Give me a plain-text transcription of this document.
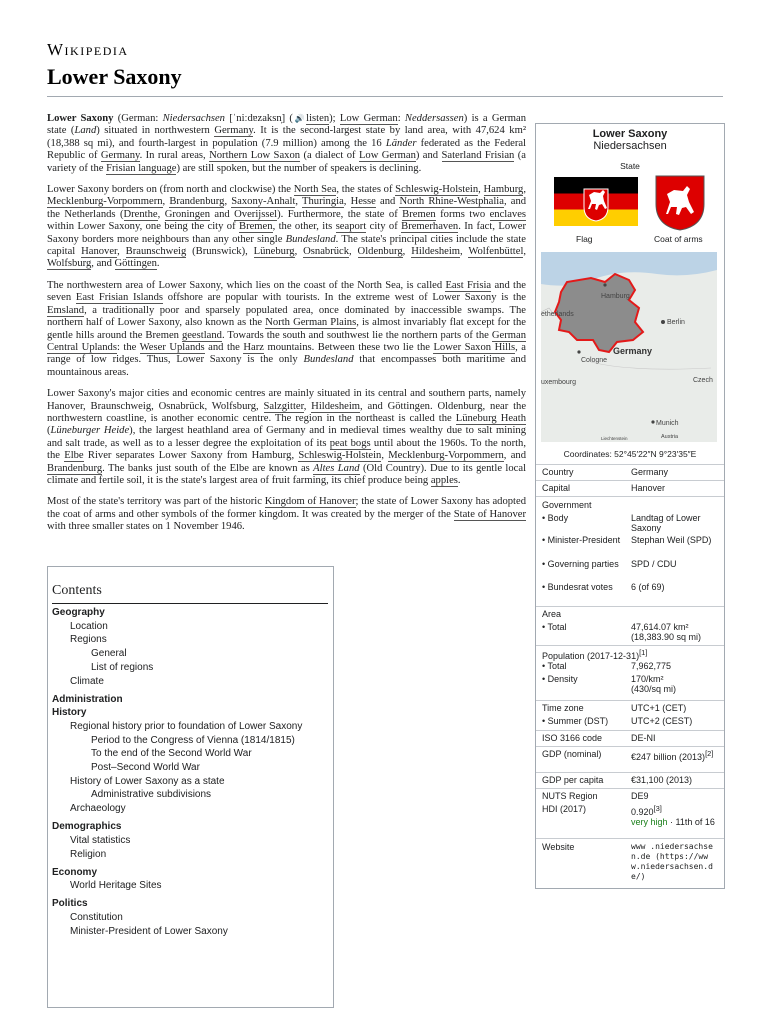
Wikipedia
Lower Saxony

Lower Saxony (German: Niedersachsen [ˈniːdɐzaksn̩] (🔊listen); Low German: Neddersassen) is a German state (Land) situated in northwestern Germany. It is the second-largest state by land area, with 47,624 km² (18,388 sq mi), and fourth-largest in population (7.9 million) among the 16 Länder federated as the Federal Republic of Germany. In rural areas, Northern Low Saxon (a dialect of Low German) and Saterland Frisian (a variety of the Frisian language) are still spoken, but the number of speakers is declining.

Lower Saxony borders on (from north and clockwise) the North Sea, the states of Schleswig-Holstein, Hamburg, Mecklenburg-Vorpommern, Brandenburg, Saxony-Anhalt, Thuringia, Hesse and North Rhine-Westphalia, and the Netherlands (Drenthe, Groningen and Overijssel). Furthermore, the state of Bremen forms two enclaves within Lower Saxony, one being the city of Bremen, the other, its seaport city of Bremerhaven. In fact, Lower Saxony borders more neighbours than any other single Bundesland. The state's principal cities include the state capital Hanover, Braunschweig (Brunswick), Lüneburg, Osnabrück, Oldenburg, Hildesheim, Wolfenbüttel, Wolfsburg, and Göttingen.

The northwestern area of Lower Saxony, which lies on the coast of the North Sea, is called East Frisia and the seven East Frisian Islands offshore are popular with tourists. In the extreme west of Lower Saxony is the Emsland, a traditionally poor and sparsely populated area, once dominated by inaccessible swamps. The northern half of Lower Saxony, also known as the North German Plains, is almost invariably flat except for the gentle hills around the Bremen geestland. Towards the south and southwest lie the northern parts of the German Central Uplands: the Weser Uplands and the Harz mountains. Between these two lie the Lower Saxon Hills, a range of low ridges. Thus, Lower Saxony is the only Bundesland that encompasses both maritime and mountainous areas.

Lower Saxony's major cities and economic centres are mainly situated in its central and southern parts, namely Hanover, Braunschweig, Osnabrück, Wolfsburg, Salzgitter, Hildesheim, and Göttingen. Oldenburg, near the northwestern coastline, is another economic centre. The region in the northeast is called the Lüneburg Heath (Lüneburger Heide), the largest heathland area of Germany and in medieval times wealthy due to salt mining and salt trade, as well as to a lesser degree the exploitation of its peat bogs until about the 1960s. To the north, the Elbe River separates Lower Saxony from Hamburg, Schleswig-Holstein, Mecklenburg-Vorpommern, and Brandenburg. The banks just south of the Elbe are known as Altes Land (Old Country). Due to its gentle local climate and fertile soil, it is the state's largest area of fruit farming, its chief produce being apples.

Most of the state's territory was part of the historic Kingdom of Hanover; the state of Lower Saxony has adopted the coat of arms and other symbols of the former kingdom. It was created by the merger of the State of Hanover with three smaller states on 1 November 1946.

Lower Saxony
Niedersachsen
State
Flag	Coat of arms
Hamburg
Berlin
etherlands
Germany
Cologne
uxembourg	Czech
Munich
Austria
Liechtenstein
Coordinates: 52°45′22″N 9°23′35″E
Country	Germany
Capital	Hanover
Government
• Body	Landtag of Lower Saxony
• Minister-President	Stephan Weil (SPD)
• Governing parties	SPD / CDU
• Bundesrat votes	6 (of 69)
Area
• Total	47,614.07 km²
(18,383.90 sq mi)
Population (2017-12-31)[1]
• Total	7,962,775
• Density	170/km²
(430/sq mi)
Time zone	UTC+1 (CET)
• Summer (DST)	UTC+2 (CEST)
ISO 3166 code	DE-NI
GDP (nominal)	€247 billion (2013)[2]
GDP per capita	€31,100 (2013)
NUTS Region	DE9
HDI (2017)	0.920[3]
very high · 11th of 16
Website	www .niedersachsen.de (https://www.niedersachsen.de/)
Contents
Geography
Location
Regions
General
List of regions
Climate
Administration
History
Regional history prior to foundation of Lower Saxony
Period to the Congress of Vienna (1814/1815)
To the end of the Second World War
Post–Second World War
History of Lower Saxony as a state
Administrative subdivisions
Archaeology
Demographics
Vital statistics
Religion
Economy
World Heritage Sites
Politics
Constitution
Minister-President of Lower Saxony
